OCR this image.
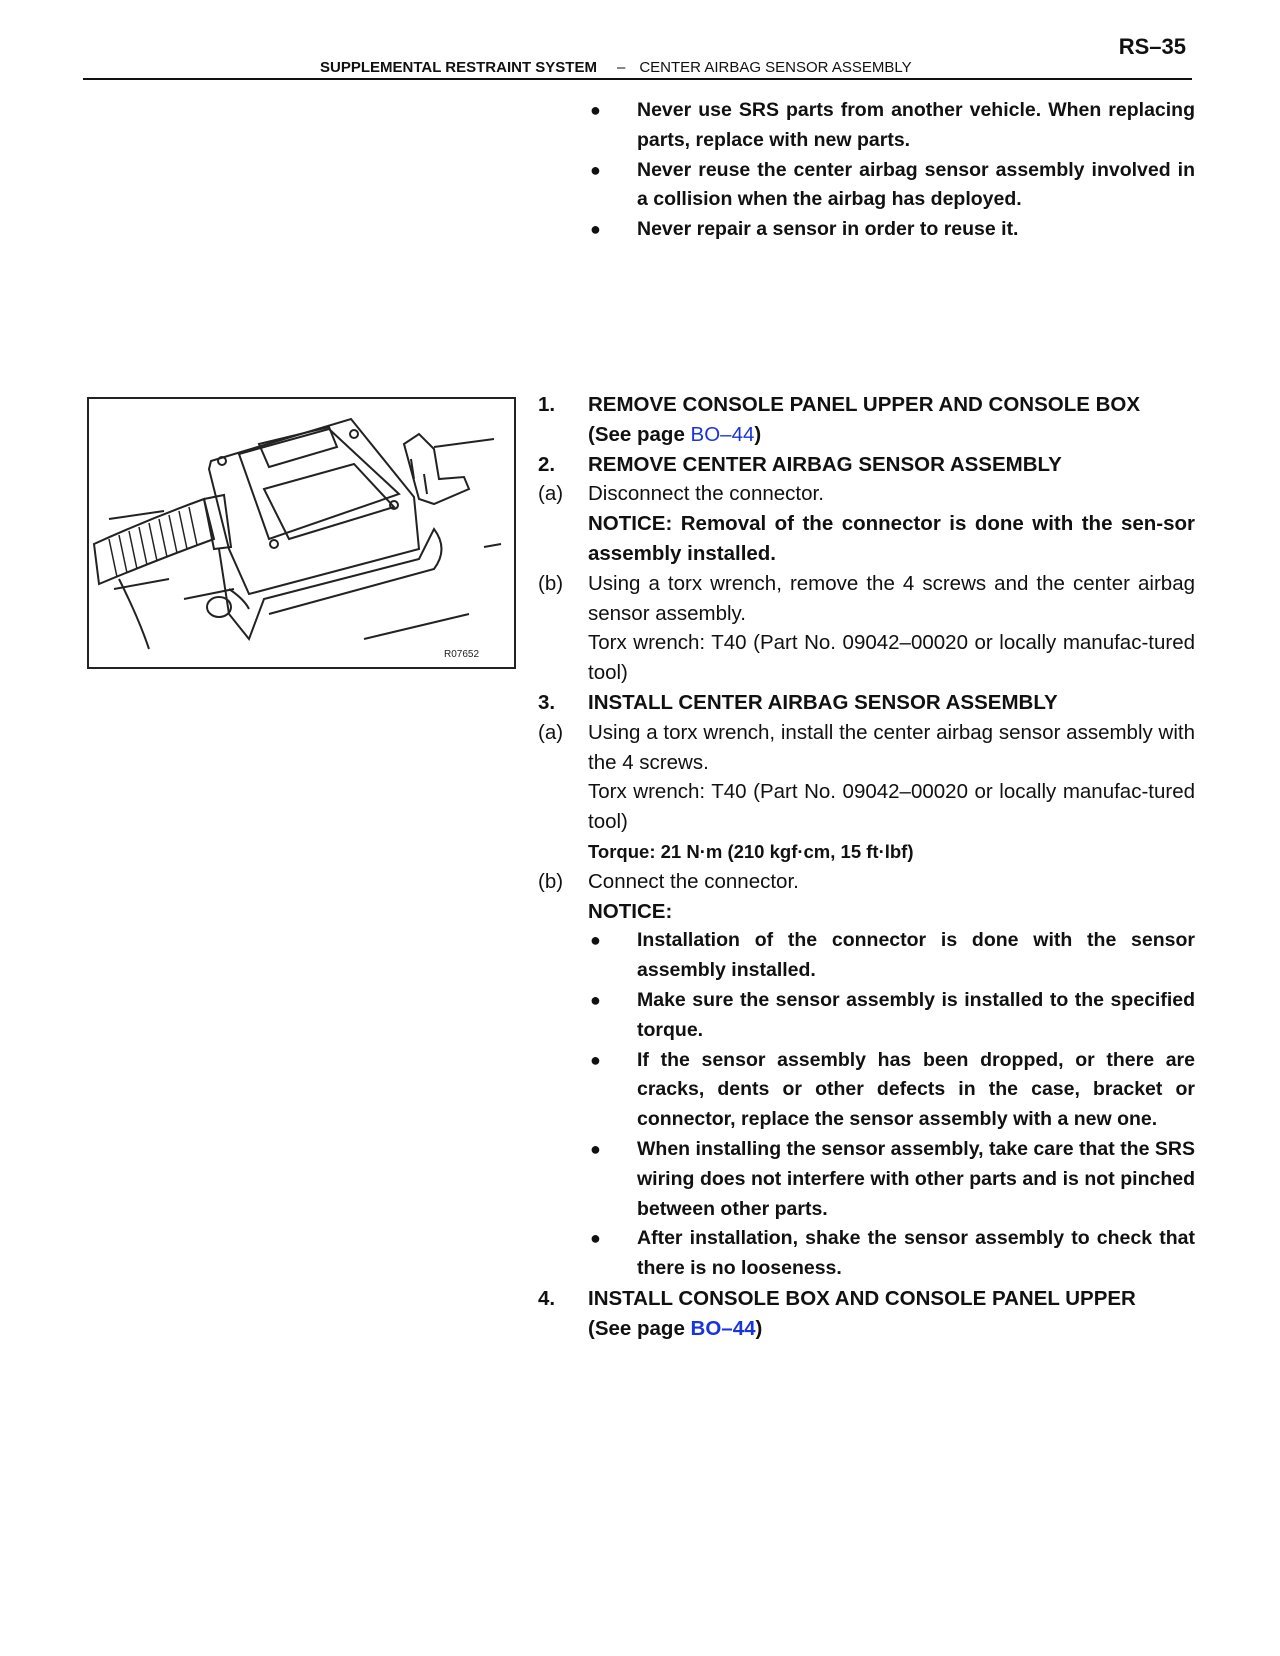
RS–35
SUPPLEMENTAL RESTRAINT SYSTEM – CENTER AIRBAG SENSOR ASSEMBLY
● Never use SRS parts from another vehicle. When replacing parts, replace with new parts.
● Never reuse the center airbag sensor assembly involved in a collision when the airbag has deployed.
● Never repair a sensor in order to reuse it.
R07652
1. REMOVE CONSOLE PANEL UPPER AND CONSOLE BOX
(See page BO–44)
2. REMOVE CENTER AIRBAG SENSOR ASSEMBLY
(a) Disconnect the connector.
NOTICE: Removal of the connector is done with the sen-sor assembly installed.
(b) Using a torx wrench, remove the 4 screws and the center airbag sensor assembly.
Torx wrench: T40 (Part No. 09042–00020 or locally manufac-tured tool)
3. INSTALL CENTER AIRBAG SENSOR ASSEMBLY
(a) Using a torx wrench, install the center airbag sensor assembly with the 4 screws.
Torx wrench: T40 (Part No. 09042–00020 or locally manufac-tured tool)
Torque: 21 N·m (210 kgf·cm, 15 ft·lbf)
(b) Connect the connector.
NOTICE:
● Installation of the connector is done with the sensor assembly installed.
● Make sure the sensor assembly is installed to the specified torque.
● If the sensor assembly has been dropped, or there are cracks, dents or other defects in the case, bracket or connector, replace the sensor assembly with a new one.
● When installing the sensor assembly, take care that the SRS wiring does not interfere with other parts and is not pinched between other parts.
● After installation, shake the sensor assembly to check that there is no looseness.
4. INSTALL CONSOLE BOX AND CONSOLE PANEL UPPER
(See page BO–44)
